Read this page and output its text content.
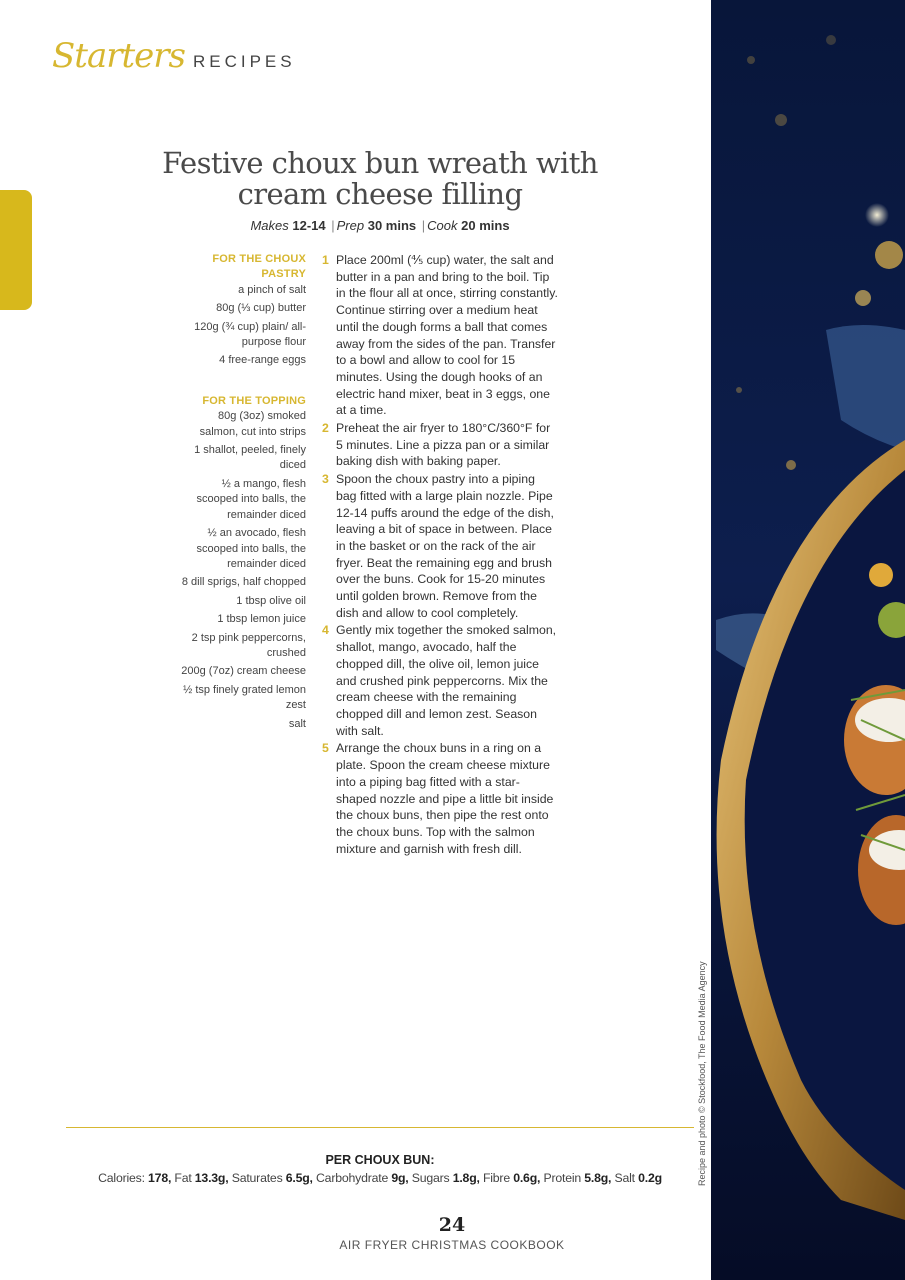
Starters RECIPES
Festive choux bun wreath with
cream cheese filling
Makes 12-14 | Prep 30 mins | Cook 20 mins
FOR THE CHOUX PASTRY
a pinch of salt
80g (⅓ cup) butter
120g (¾ cup) plain/ all-purpose flour
4 free-range eggs
FOR THE TOPPING
80g (3oz) smoked salmon, cut into strips
1 shallot, peeled, finely diced
½ a mango, flesh scooped into balls, the remainder diced
½ an avocado, flesh scooped into balls, the remainder diced
8 dill sprigs, half chopped
1 tbsp olive oil
1 tbsp lemon juice
2 tsp pink peppercorns, crushed
200g (7oz) cream cheese
½ tsp finely grated lemon zest
salt
1 Place 200ml (⅘ cup) water, the salt and butter in a pan and bring to the boil. Tip in the flour all at once, stirring constantly. Continue stirring over a medium heat until the dough forms a ball that comes away from the sides of the pan. Transfer to a bowl and allow to cool for 15 minutes. Using the dough hooks of an electric hand mixer, beat in 3 eggs, one at a time.
2 Preheat the air fryer to 180°C/360°F for 5 minutes. Line a pizza pan or a similar baking dish with baking paper.
3 Spoon the choux pastry into a piping bag fitted with a large plain nozzle. Pipe 12-14 puffs around the edge of the dish, leaving a bit of space in between. Place in the basket or on the rack of the air fryer. Beat the remaining egg and brush over the buns. Cook for 15-20 minutes until golden brown. Remove from the dish and allow to cool completely.
4 Gently mix together the smoked salmon, shallot, mango, avocado, half the chopped dill, the olive oil, lemon juice and crushed pink peppercorns. Mix the cream cheese with the remaining chopped dill and lemon zest. Season with salt.
5 Arrange the choux buns in a ring on a plate. Spoon the cream cheese mixture into a piping bag fitted with a star-shaped nozzle and pipe a little bit inside the choux buns, then pipe the rest onto the choux buns. Top with the salmon mixture and garnish with fresh dill.
PER CHOUX BUN:
Calories: 178, Fat 13.3g, Saturates 6.5g, Carbohydrate 9g, Sugars 1.8g, Fibre 0.6g, Protein 5.8g, Salt 0.2g
24
AIR FRYER CHRISTMAS COOKBOOK
Recipe and photo © Stockfood, The Food Media Agency
